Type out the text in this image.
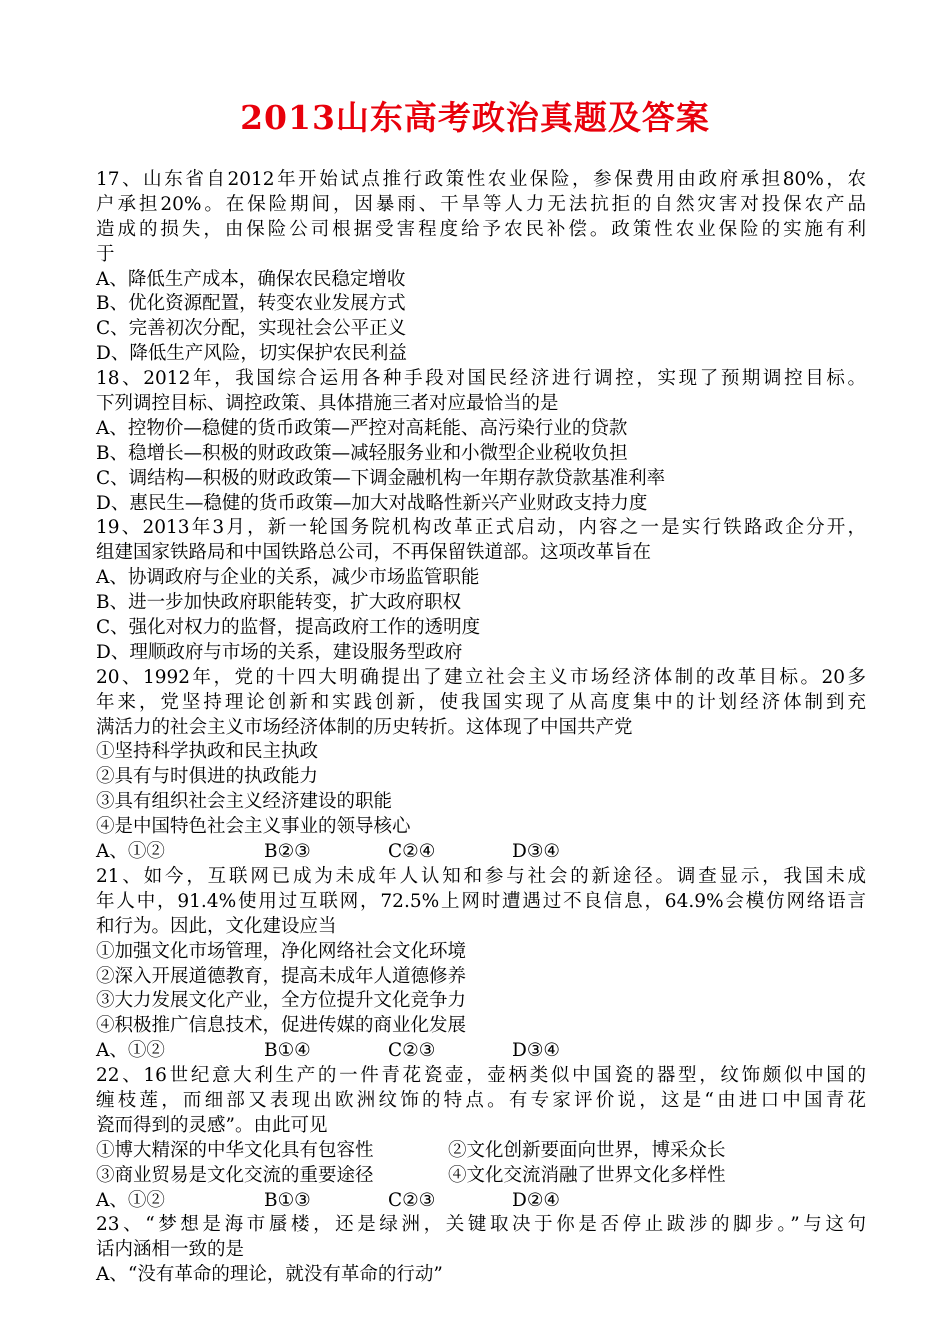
2013山东高考政治真题及答案
17、山东省自2012年开始试点推行政策性农业保险，参保费用由政府承担80%，农
户承担20%。在保险期间，因暴雨、干旱等人力无法抗拒的自然灾害对投保农产品
造成的损失，由保险公司根据受害程度给予农民补偿。政策性农业保险的实施有利
于
A、降低生产成本，确保农民稳定增收
B、优化资源配置，转变农业发展方式
C、完善初次分配，实现社会公平正义
D、降低生产风险，切实保护农民利益
18、2012年，我国综合运用各种手段对国民经济进行调控，实现了预期调控目标。
下列调控目标、调控政策、具体措施三者对应最恰当的是
A、控物价—稳健的货币政策—严控对高耗能、高污染行业的贷款
B、稳增长—积极的财政政策—减轻服务业和小微型企业税收负担
C、调结构—积极的财政政策—下调金融机构一年期存款贷款基准利率
D、惠民生—稳健的货币政策—加大对战略性新兴产业财政支持力度
19、2013年3月，新一轮国务院机构改革正式启动，内容之一是实行铁路政企分开，
组建国家铁路局和中国铁路总公司，不再保留铁道部。这项改革旨在
A、协调政府与企业的关系，减少市场监管职能
B、进一步加快政府职能转变，扩大政府职权
C、强化对权力的监督，提高政府工作的透明度
D、理顺政府与市场的关系，建设服务型政府
20、1992年，党的十四大明确提出了建立社会主义市场经济体制的改革目标。20多
年来，党坚持理论创新和实践创新，使我国实现了从高度集中的计划经济体制到充
满活力的社会主义市场经济体制的历史转折。这体现了中国共产党
①坚持科学执政和民主执政
②具有与时俱进的执政能力
③具有组织社会主义经济建设的职能
④是中国特色社会主义事业的领导核心
A、①②	B②③	C②④	D③④
21、如今，互联网已成为未成年人认知和参与社会的新途径。调查显示，我国未成
年人中，91.4%使用过互联网，72.5%上网时遭遇过不良信息，64.9%会模仿网络语言
和行为。因此，文化建设应当
①加强文化市场管理，净化网络社会文化环境
②深入开展道德教育，提高未成年人道德修养
③大力发展文化产业，全方位提升文化竞争力
④积极推广信息技术，促进传媒的商业化发展
A、①②	B①④	C②③	D③④
22、16世纪意大利生产的一件青花瓷壶，壶柄类似中国瓷的器型，纹饰颇似中国的
缠枝莲，而细部又表现出欧洲纹饰的特点。有专家评价说，这是“由进口中国青花
瓷而得到的灵感”。由此可见
①博大精深的中华文化具有包容性	②文化创新要面向世界，博采众长
③商业贸易是文化交流的重要途径	④文化交流消融了世界文化多样性
A、①②	B①③	C②③	D②④
23、“梦想是海市蜃楼，还是绿洲，关键取决于你是否停止跋涉的脚步。”与这句
话内涵相一致的是
A、“没有革命的理论，就没有革命的行动”
